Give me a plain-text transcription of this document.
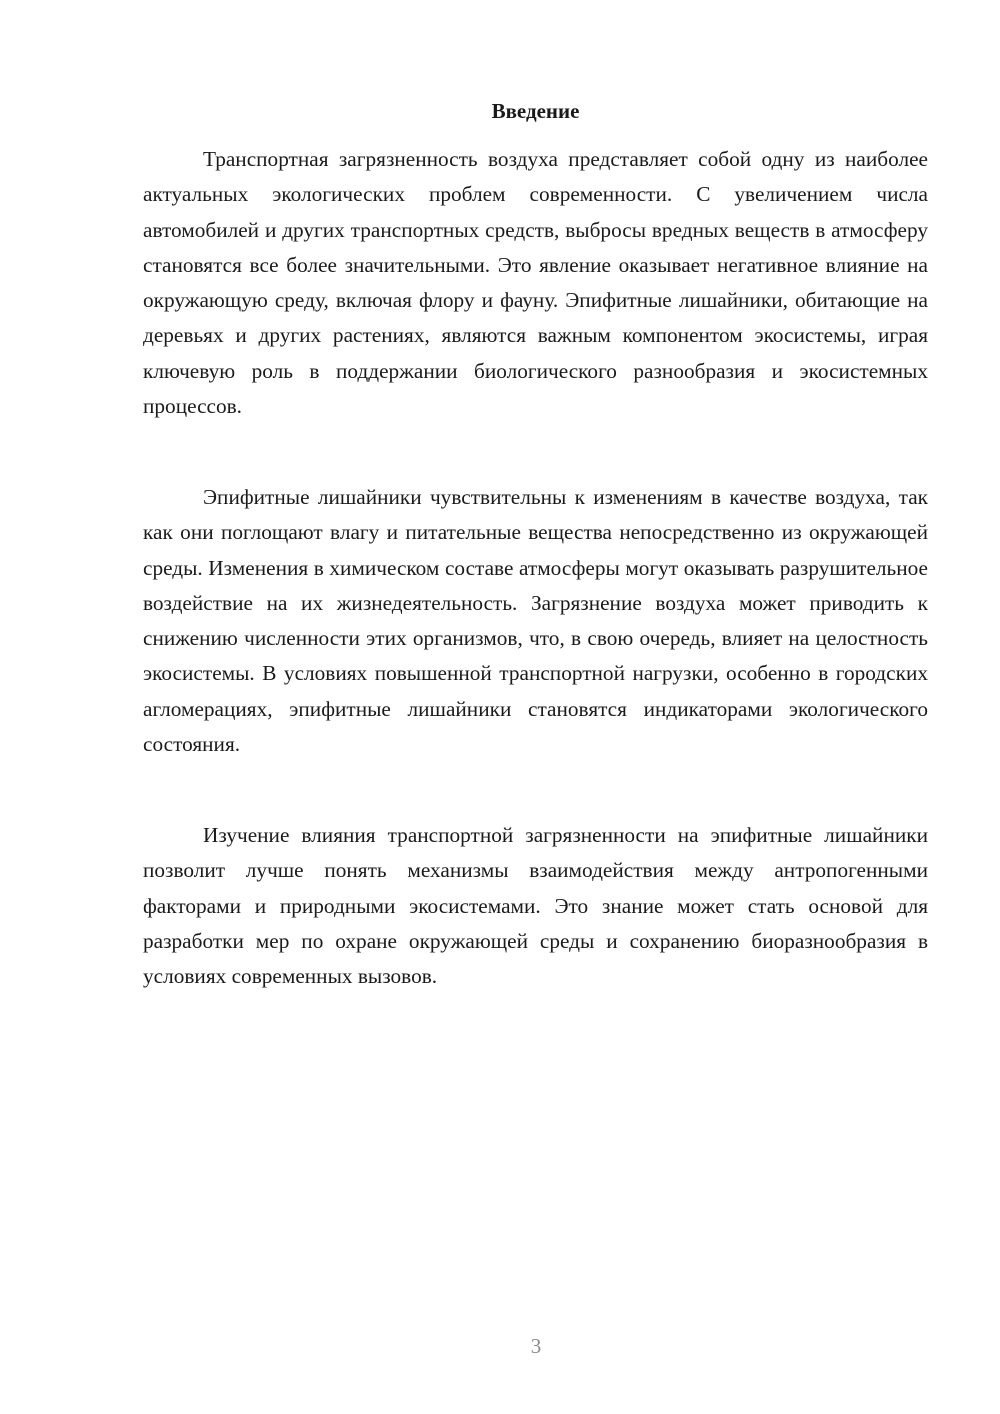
Введение

Транспортная загрязненность воздуха представляет собой одну из наиболее актуальных экологических проблем современности. С увеличением числа автомобилей и других транспортных средств, выбросы вредных веществ в атмосферу становятся все более значительными. Это явление оказывает негативное влияние на окружающую среду, включая флору и фауну. Эпифитные лишайники, обитающие на деревьях и других растениях, являются важным компонентом экосистемы, играя ключевую роль в поддержании биологического разнообразия и экосистемных процессов.

Эпифитные лишайники чувствительны к изменениям в качестве воздуха, так как они поглощают влагу и питательные вещества непосредственно из окружающей среды. Изменения в химическом составе атмосферы могут оказывать разрушительное воздействие на их жизнедеятельность. Загрязнение воздуха может приводить к снижению численности этих организмов, что, в свою очередь, влияет на целостность экосистемы. В условиях повышенной транспортной нагрузки, особенно в городских агломерациях, эпифитные лишайники становятся индикаторами экологического состояния.

Изучение влияния транспортной загрязненности на эпифитные лишайники позволит лучше понять механизмы взаимодействия между антропогенными факторами и природными экосистемами. Это знание может стать основой для разработки мер по охране окружающей среды и сохранению биоразнообразия в условиях современных вызовов.

3
